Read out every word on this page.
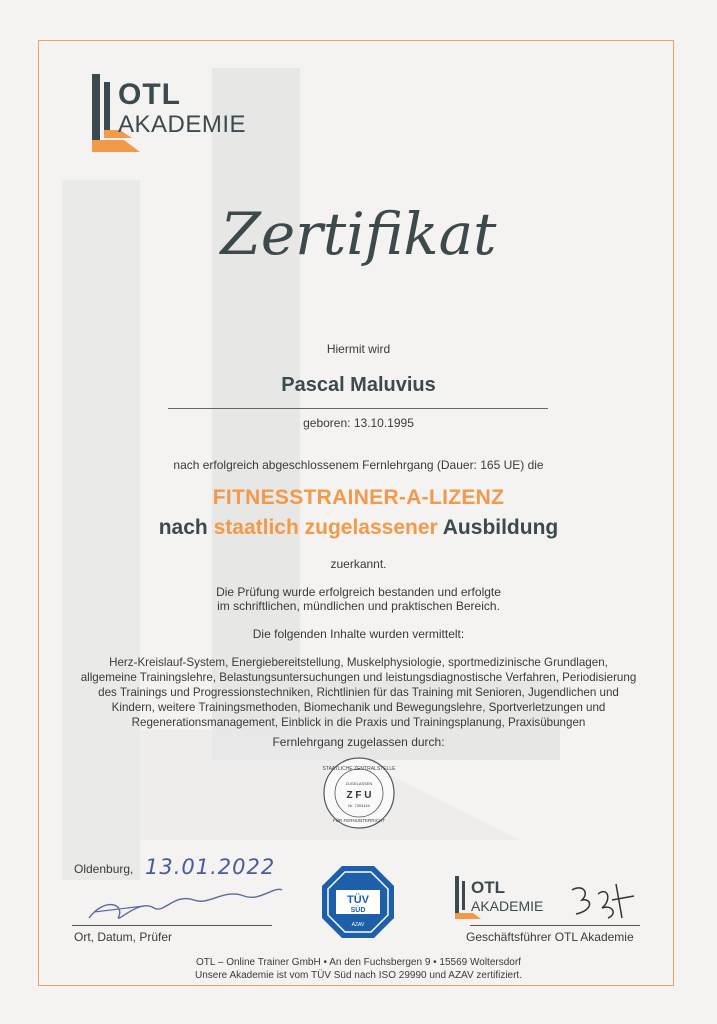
OTL
AKADEMIE
Zertifikat
Hiermit wird
Pascal Maluvius
geboren: 13.10.1995
nach erfolgreich abgeschlossenem Fernlehrgang (Dauer: 165 UE) die
FITNESSTRAINER-A-LIZENZ
nach staatlich zugelassener Ausbildung
zuerkannt.
Die Prüfung wurde erfolgreich bestanden und erfolgte
im schriftlichen, mündlichen und praktischen Bereich.
Die folgenden Inhalte wurden vermittelt:
Herz-Kreislauf-System, Energiebereitstellung, Muskelphysiologie, sportmedizinische Grundlagen,
allgemeine Trainingslehre, Belastungsuntersuchungen und leistungsdiagnostische Verfahren, Periodisierung
des Trainings und Progressionstechniken, Richtlinien für das Training mit Senioren, Jugendlichen und
Kindern, weitere Trainingsmethoden, Biomechanik und Bewegungslehre, Sportverletzungen und
Regenerationsmanagement, Einblick in die Praxis und Trainingsplanung, Praxisübungen
Fernlehrgang zugelassen durch:
STAATLICHE ZENTRALSTELLE
ZUGELASSEN
Z F U
Nr. 7304116
FÜR FERNUNTERRICHT
Oldenburg, 13.01.2022
Ort, Datum, Prüfer
TÜV
SÜD
AZAV
OTL
AKADEMIE
Geschäftsführer OTL Akademie
OTL – Online Trainer GmbH • An den Fuchsbergen 9 • 15569 Woltersdorf
Unsere Akademie ist vom TÜV Süd nach ISO 29990 und AZAV zertifiziert.
